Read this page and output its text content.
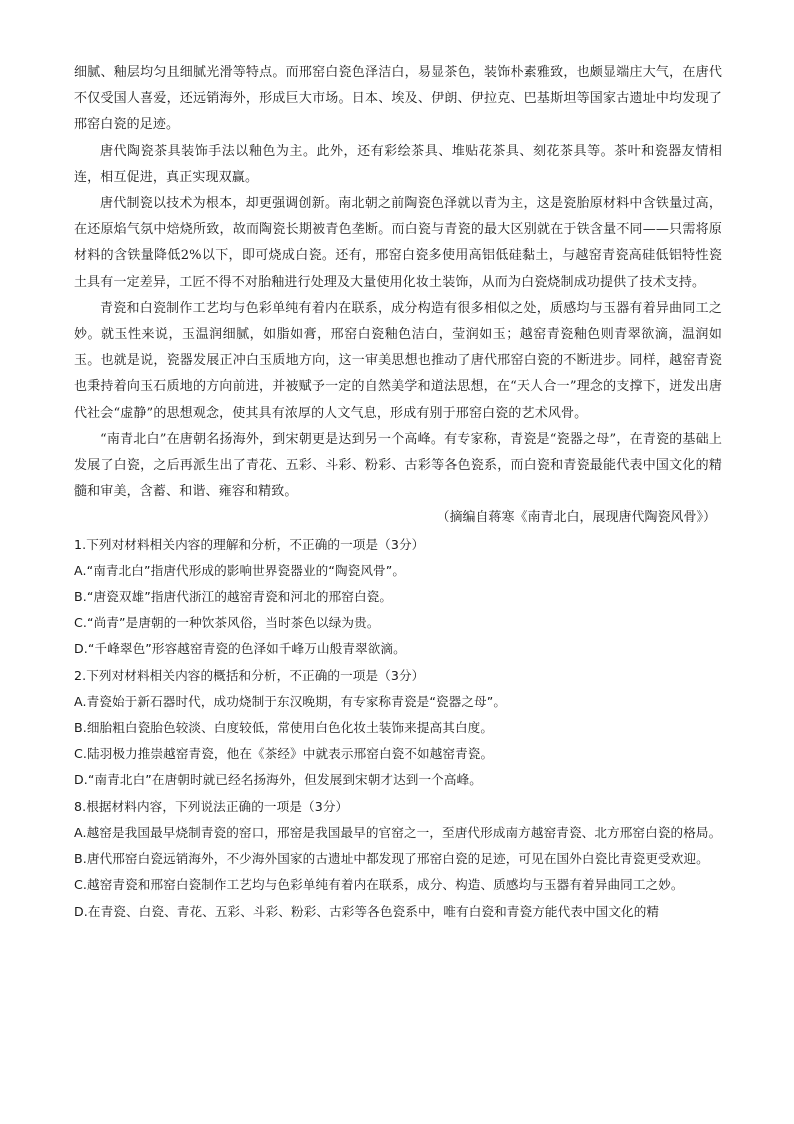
细腻、釉层均匀且细腻光滑等特点。而邢窑白瓷色泽洁白，易显茶色，装饰朴素雅致，也颇显端庄大气，在唐代不仅受国人喜爱，还远销海外，形成巨大市场。日本、埃及、伊朗、伊拉克、巴基斯坦等国家古遗址中均发现了邢窑白瓷的足迹。

唐代陶瓷茶具装饰手法以釉色为主。此外，还有彩绘茶具、堆贴花茶具、刻花茶具等。茶叶和瓷器友情相连，相互促进，真正实现双赢。

唐代制瓷以技术为根本，却更强调创新。南北朝之前陶瓷色泽就以青为主，这是瓷胎原材料中含铁量过高，在还原焰气氛中焙烧所致，故而陶瓷长期被青色垄断。而白瓷与青瓷的最大区别就在于铁含量不同——只需将原材料的含铁量降低2%以下，即可烧成白瓷。还有，邢窑白瓷多使用高铝低硅黏土，与越窑青瓷高硅低铝特性瓷土具有一定差异，工匠不得不对胎釉进行处理及大量使用化妆土装饰，从而为白瓷烧制成功提供了技术支持。

青瓷和白瓷制作工艺均与色彩单纯有着内在联系，成分构造有很多相似之处，质感均与玉器有着异曲同工之妙。就玉性来说，玉温润细腻，如脂如膏，邢窑白瓷釉色洁白，莹润如玉；越窑青瓷釉色则青翠欲滴，温润如玉。也就是说，瓷器发展正冲白玉质地方向，这一审美思想也推动了唐代邢窑白瓷的不断进步。同样，越窑青瓷也秉持着向玉石质地的方向前进，并被赋予一定的自然美学和道法思想，在“天人合一”理念的支撑下，迸发出唐代社会“虚静”的思想观念，使其具有浓厚的人文气息，形成有别于邢窑白瓷的艺术风骨。

“南青北白”在唐朝名扬海外，到宋朝更是达到另一个高峰。有专家称，青瓷是“瓷器之母”，在青瓷的基础上发展了白瓷，之后再派生出了青花、五彩、斗彩、粉彩、古彩等各色瓷系，而白瓷和青瓷最能代表中国文化的精髓和审美，含蓄、和谐、雍容和精致。

（摘编自蒋寒《南青北白，展现唐代陶瓷风骨》）

1.下列对材料相关内容的理解和分析，不正确的一项是（3分）

A.“南青北白”指唐代形成的影响世界瓷器业的“陶瓷风骨”。

B.“唐瓷双雄”指唐代浙江的越窑青瓷和河北的邢窑白瓷。

C.“尚青”是唐朝的一种饮茶风俗，当时茶色以绿为贵。

D.“千峰翠色”形容越窑青瓷的色泽如千峰万山般青翠欲滴。

2.下列对材料相关内容的概括和分析，不正确的一项是（3分）

A.青瓷始于新石器时代，成功烧制于东汉晚期，有专家称青瓷是“瓷器之母”。

B.细胎粗白瓷胎色较淡、白度较低，常使用白色化妆土装饰来提高其白度。

C.陆羽极力推崇越窑青瓷，他在《茶经》中就表示邢窑白瓷不如越窑青瓷。

D.“南青北白”在唐朝时就已经名扬海外，但发展到宋朝才达到一个高峰。

8.根据材料内容，下列说法正确的一项是（3分）

A.越窑是我国最早烧制青瓷的窑口，邢窑是我国最早的官窑之一，至唐代形成南方越窑青瓷、北方邢窑白瓷的格局。

B.唐代邢窑白瓷远销海外，不少海外国家的古遗址中都发现了邢窑白瓷的足迹，可见在国外白瓷比青瓷更受欢迎。

C.越窑青瓷和邢窑白瓷制作工艺均与色彩单纯有着内在联系，成分、构造、质感均与玉器有着异曲同工之妙。

D.在青瓷、白瓷、青花、五彩、斗彩、粉彩、古彩等各色瓷系中，唯有白瓷和青瓷方能代表中国文化的精
